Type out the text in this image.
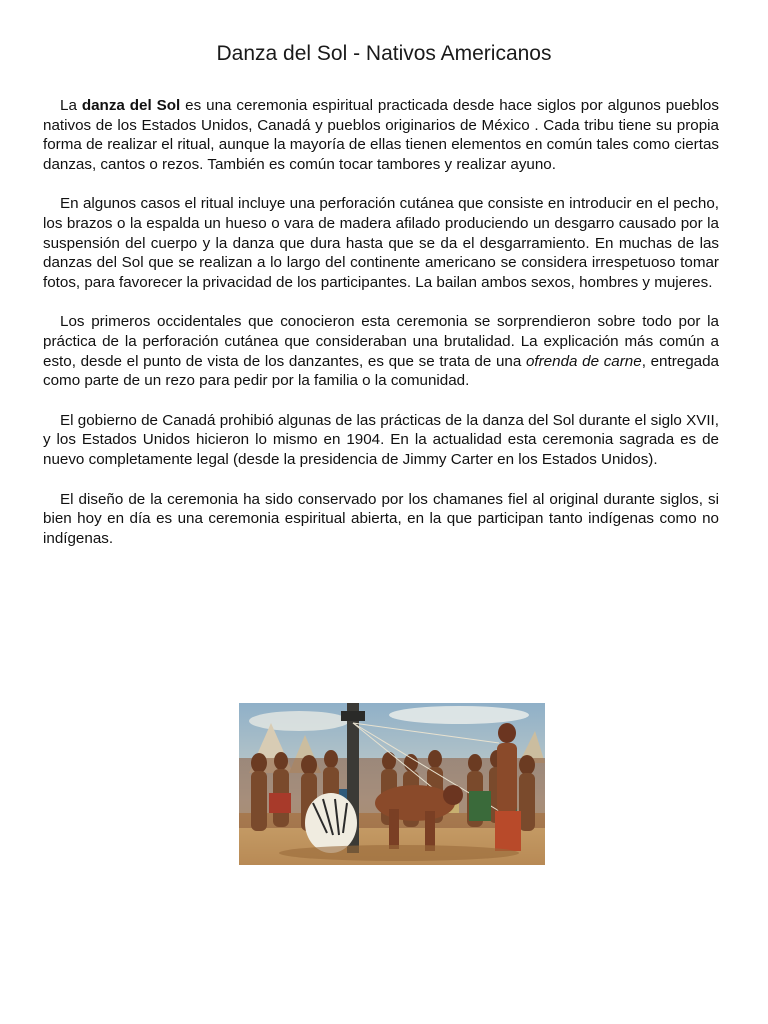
Danza del Sol - Nativos Americanos

La danza del Sol es una ceremonia espiritual practicada desde hace siglos por algunos pueblos nativos de los Estados Unidos, Canadá y pueblos originarios de México . Cada tribu tiene su propia forma de realizar el ritual, aunque la mayoría de ellas tienen elementos en común tales como ciertas danzas, cantos o rezos. También es común tocar tambores y realizar ayuno.

En algunos casos el ritual incluye una perforación cutánea que consiste en introducir en el pecho, los brazos o la espalda un hueso o vara de madera afilado produciendo un desgarro causado por la suspensión del cuerpo y la danza que dura hasta que se da el desgarramiento. En muchas de las danzas del Sol que se realizan a lo largo del continente americano se considera irrespetuoso tomar fotos, para favorecer la privacidad de los participantes. La bailan ambos sexos, hombres y mujeres.

Los primeros occidentales que conocieron esta ceremonia se sorprendieron sobre todo por la práctica de la perforación cutánea que consideraban una brutalidad. La explicación más común a esto, desde el punto de vista de los danzantes, es que se trata de una ofrenda de carne, entregada como parte de un rezo para pedir por la familia o la comunidad.

El gobierno de Canadá prohibió algunas de las prácticas de la danza del Sol durante el siglo XVII, y los Estados Unidos hicieron lo mismo en 1904. En la actualidad esta ceremonia sagrada es de nuevo completamente legal (desde la presidencia de Jimmy Carter en los Estados Unidos).

El diseño de la ceremonia ha sido conservado por los chamanes fiel al original durante siglos, si bien hoy en día es una ceremonia espiritual abierta, en la que participan tanto indígenas como no indígenas.
